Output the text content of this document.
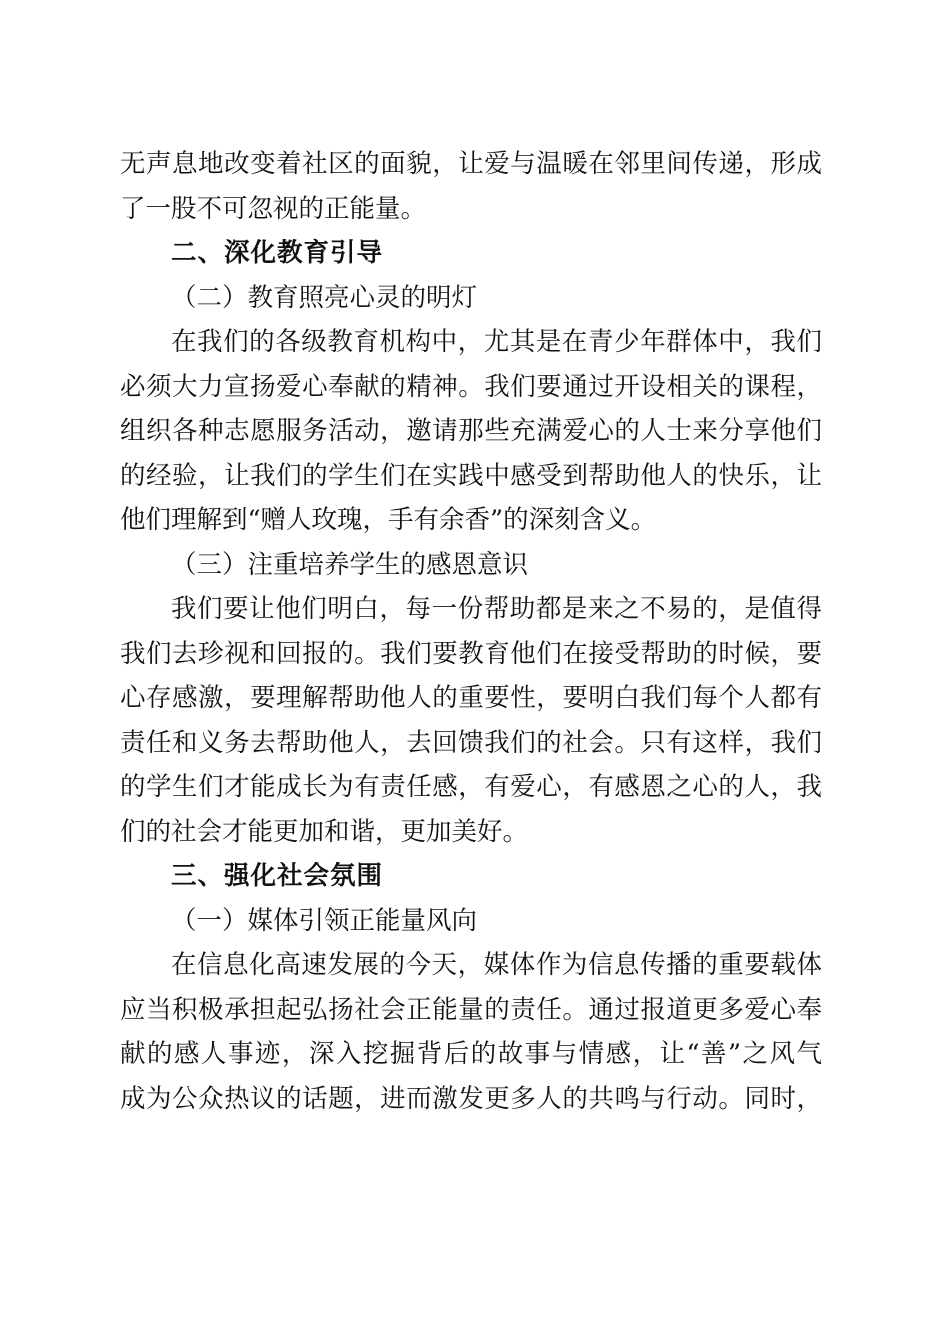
无声息地改变着社区的面貌，让爱与温暖在邻里间传递，形成
了一股不可忽视的正能量。
二、深化教育引导
（二）教育照亮心灵的明灯
在我们的各级教育机构中，尤其是在青少年群体中，我们
必须大力宣扬爱心奉献的精神。我们要通过开设相关的课程，
组织各种志愿服务活动，邀请那些充满爱心的人士来分享他们
的经验，让我们的学生们在实践中感受到帮助他人的快乐，让
他们理解到“赠人玫瑰，手有余香”的深刻含义。
（三）注重培养学生的感恩意识
我们要让他们明白，每一份帮助都是来之不易的，是值得
我们去珍视和回报的。我们要教育他们在接受帮助的时候，要
心存感激，要理解帮助他人的重要性，要明白我们每个人都有
责任和义务去帮助他人，去回馈我们的社会。只有这样，我们
的学生们才能成长为有责任感，有爱心，有感恩之心的人，我
们的社会才能更加和谐，更加美好。
三、强化社会氛围
（一）媒体引领正能量风向
在信息化高速发展的今天，媒体作为信息传播的重要载体
应当积极承担起弘扬社会正能量的责任。通过报道更多爱心奉
献的感人事迹，深入挖掘背后的故事与情感，让“善”之风气
成为公众热议的话题，进而激发更多人的共鸣与行动。同时，
